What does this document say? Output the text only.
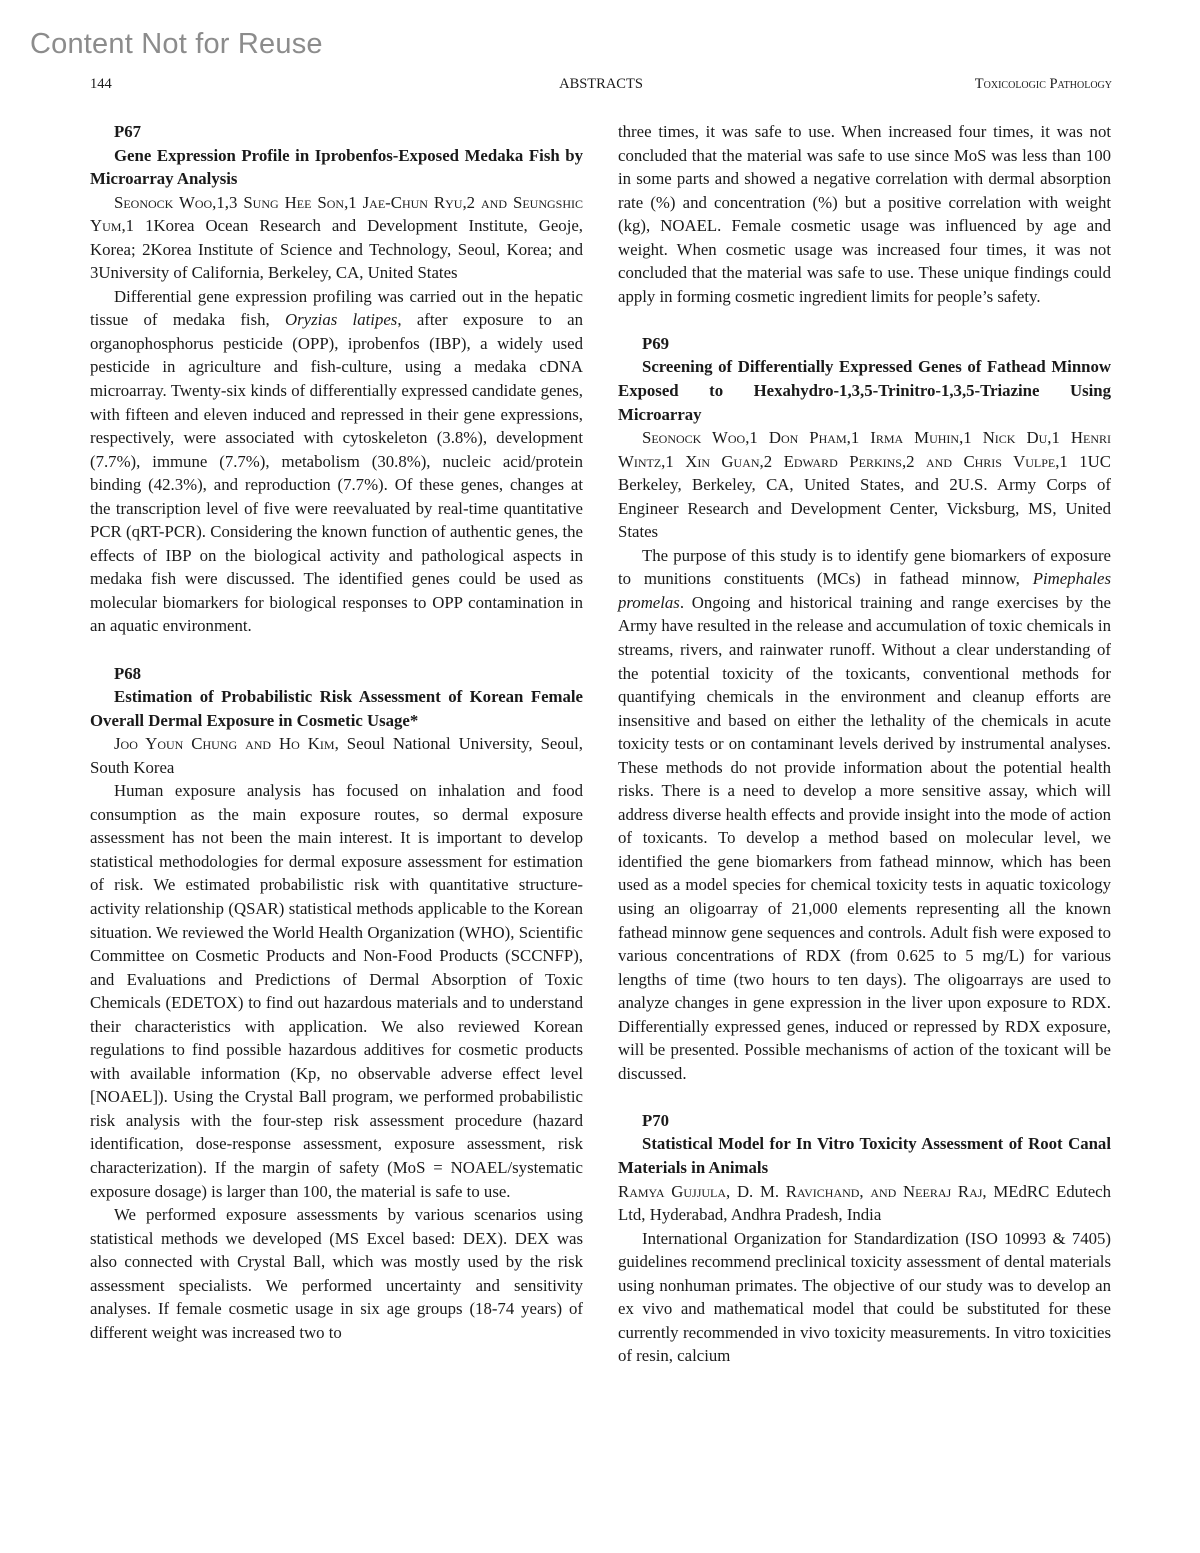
Content Not for Reuse
144	ABSTRACTS	Toxicologic Pathology
P67
Gene Expression Profile in Iprobenfos-Exposed Medaka Fish by Microarray Analysis

Seonock Woo,1,3 Sung Hee Son,1 Jae-Chun Ryu,2 and Seungshic Yum,1 1Korea Ocean Research and Development Institute, Geoje, Korea; 2Korea Institute of Science and Technology, Seoul, Korea; and 3University of California, Berkeley, CA, United States

Differential gene expression profiling was carried out in the hepatic tissue of medaka fish, Oryzias latipes, after exposure to an organophosphorus pesticide (OPP), iprobenfos (IBP), a widely used pesticide in agriculture and fish-culture, using a medaka cDNA microarray. Twenty-six kinds of differentially expressed candidate genes, with fifteen and eleven induced and repressed in their gene expressions, respectively, were associated with cytoskeleton (3.8%), development (7.7%), immune (7.7%), metabolism (30.8%), nucleic acid/protein binding (42.3%), and reproduction (7.7%). Of these genes, changes at the transcription level of five were reevaluated by real-time quantitative PCR (qRT-PCR). Considering the known function of authentic genes, the effects of IBP on the biological activity and pathological aspects in medaka fish were discussed. The identified genes could be used as molecular biomarkers for biological responses to OPP contamination in an aquatic environment.

P68
Estimation of Probabilistic Risk Assessment of Korean Female Overall Dermal Exposure in Cosmetic Usage*

Joo Youn Chung and Ho Kim, Seoul National University, Seoul, South Korea

Human exposure analysis has focused on inhalation and food consumption as the main exposure routes, so dermal exposure assessment has not been the main interest. It is important to develop statistical methodologies for dermal exposure assessment for estimation of risk. We estimated probabilistic risk with quantitative structure-activity relationship (QSAR) statistical methods applicable to the Korean situation. We reviewed the World Health Organization (WHO), Scientific Committee on Cosmetic Products and Non-Food Products (SCCNFP), and Evaluations and Predictions of Dermal Absorption of Toxic Chemicals (EDETOX) to find out hazardous materials and to understand their characteristics with application. We also reviewed Korean regulations to find possible hazardous additives for cosmetic products with available information (Kp, no observable adverse effect level [NOAEL]). Using the Crystal Ball program, we performed probabilistic risk analysis with the four-step risk assessment procedure (hazard identification, dose-response assessment, exposure assessment, risk characterization). If the margin of safety (MoS = NOAEL/systematic exposure dosage) is larger than 100, the material is safe to use.

We performed exposure assessments by various scenarios using statistical methods we developed (MS Excel based: DEX). DEX was also connected with Crystal Ball, which was mostly used by the risk assessment specialists. We performed uncertainty and sensitivity analyses. If female cosmetic usage in six age groups (18-74 years) of different weight was increased two to

three times, it was safe to use. When increased four times, it was not concluded that the material was safe to use since MoS was less than 100 in some parts and showed a negative correlation with dermal absorption rate (%) and concentration (%) but a positive correlation with weight (kg), NOAEL. Female cosmetic usage was influenced by age and weight. When cosmetic usage was increased four times, it was not concluded that the material was safe to use. These unique findings could apply in forming cosmetic ingredient limits for people’s safety.

P69
Screening of Differentially Expressed Genes of Fathead Minnow Exposed to Hexahydro-1,3,5-Trinitro-1,3,5-Triazine Using Microarray

Seonock Woo,1 Don Pham,1 Irma Muhin,1 Nick Du,1 Henri Wintz,1 Xin Guan,2 Edward Perkins,2 and Chris Vulpe,1 1UC Berkeley, Berkeley, CA, United States, and 2U.S. Army Corps of Engineer Research and Development Center, Vicksburg, MS, United States

The purpose of this study is to identify gene biomarkers of exposure to munitions constituents (MCs) in fathead minnow, Pimephales promelas. Ongoing and historical training and range exercises by the Army have resulted in the release and accumulation of toxic chemicals in streams, rivers, and rainwater runoff. Without a clear understanding of the potential toxicity of the toxicants, conventional methods for quantifying chemicals in the environment and cleanup efforts are insensitive and based on either the lethality of the chemicals in acute toxicity tests or on contaminant levels derived by instrumental analyses. These methods do not provide information about the potential health risks. There is a need to develop a more sensitive assay, which will address diverse health effects and provide insight into the mode of action of toxicants. To develop a method based on molecular level, we identified the gene biomarkers from fathead minnow, which has been used as a model species for chemical toxicity tests in aquatic toxicology using an oligoarray of 21,000 elements representing all the known fathead minnow gene sequences and controls. Adult fish were exposed to various concentrations of RDX (from 0.625 to 5 mg/L) for various lengths of time (two hours to ten days). The oligoarrays are used to analyze changes in gene expression in the liver upon exposure to RDX. Differentially expressed genes, induced or repressed by RDX exposure, will be presented. Possible mechanisms of action of the toxicant will be discussed.

P70
Statistical Model for In Vitro Toxicity Assessment of Root Canal Materials in Animals

Ramya Gujjula, D. M. Ravichand, and Neeraj Raj, MEdRC Edutech Ltd, Hyderabad, Andhra Pradesh, India

International Organization for Standardization (ISO 10993 & 7405) guidelines recommend preclinical toxicity assessment of dental materials using nonhuman primates. The objective of our study was to develop an ex vivo and mathematical model that could be substituted for these currently recommended in vivo toxicity measurements. In vitro toxicities of resin, calcium
